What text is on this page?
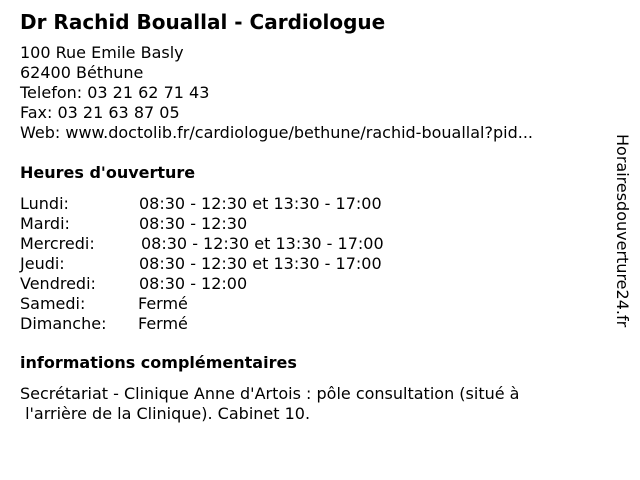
Dr Rachid Bouallal - Cardiologue
100 Rue Emile Basly
62400 Béthune
Telefon: 03 21 62 71 43
Fax: 03 21 63 87 05
Web: www.doctolib.fr/cardiologue/bethune/rachid-bouallal?pid...
Heures d'ouverture
Lundi:	08:30 - 12:30 et 13:30 - 17:00
Mardi:	08:30 - 12:30
Mercredi:	08:30 - 12:30 et 13:30 - 17:00
Jeudi:	08:30 - 12:30 et 13:30 - 17:00
Vendredi:	08:30 - 12:00
Samedi:	Fermé
Dimanche: Fermé
informations complémentaires
Secrétariat - Clinique Anne d'Artois : pôle consultation (situé à
l'arrière de la Clinique). Cabinet 10.
Horairesdouverture24.fr
